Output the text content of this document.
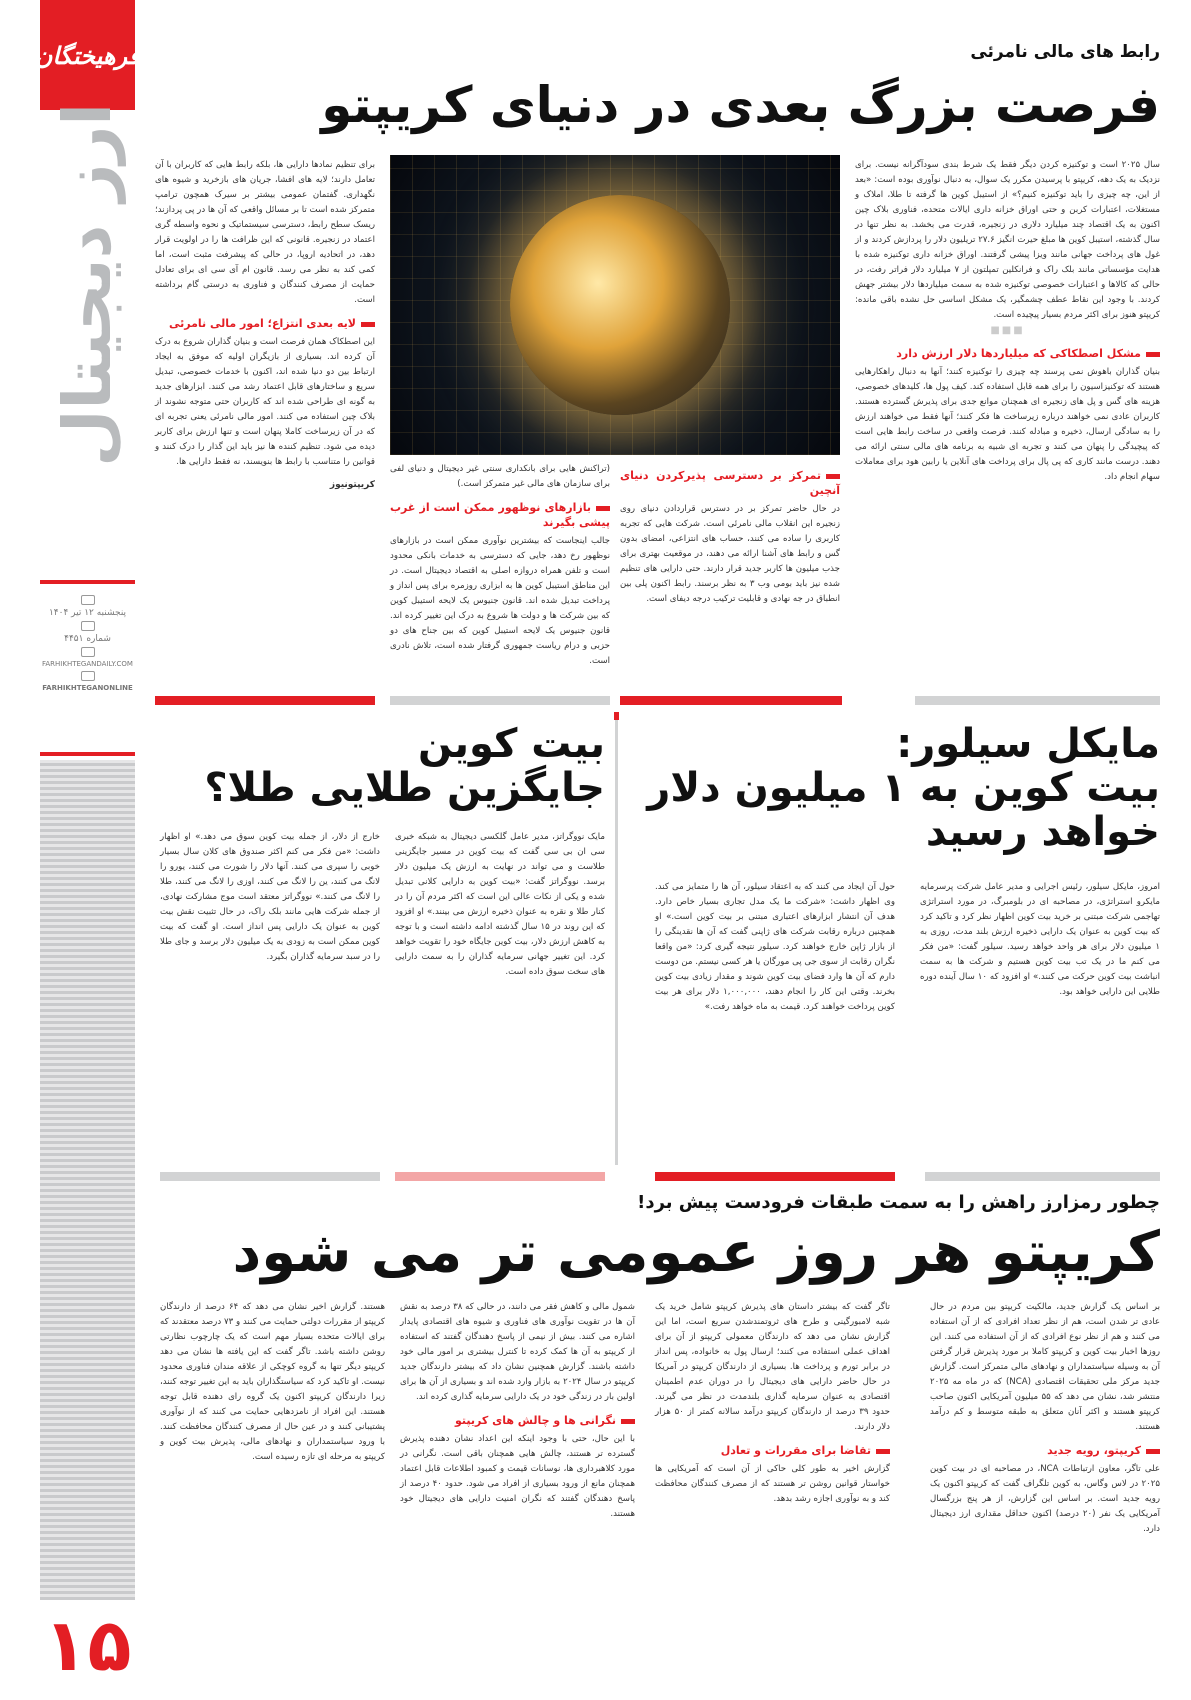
فرهیختگان
ارز دیجیتال
پنجشنبه ۱۲ تیر ۱۴۰۴
شماره ۴۴۵۱
FARHIKHTEGANDAILY.COM
FARHIKHTEGANONLINE
۱۵
رابط های مالی نامرئی
فرصت بزرگ بعدی در دنیای کریپتو

سال ۲۰۲۵ است و توکنیزه کردن دیگر فقط یک شرط بندی سودآگرانه نیست. برای نزدیک به یک دهه، کریپتو با پرسیدن مکرر یک سوال، به دنبال نوآوری بوده است: «بعد از این، چه چیزی را باید توکنیزه کنیم؟» از استیبل کوین ها گرفته تا طلا، املاک و مستغلات، اعتبارات کربن و حتی اوراق خزانه داری ایالات متحده، فناوری بلاک چین اکنون به یک اقتصاد چند میلیارد دلاری در زنجیره، قدرت می بخشد. به نظر تنها در سال گذشته، استیبل کوین ها مبلغ حیرت انگیز ۲۷.۶ تریلیون دلار را پردازش کردند و از غول های پرداخت جهانی مانند ویزا پیشی گرفتند. اوراق خزانه داری توکنیزه شده با هدایت مؤسساتی مانند بلک راک و فرانکلین تمپلتون از ۷ میلیارد دلار فراتر رفت، در حالی که کالاها و اعتبارات خصوصی توکنیزه شده به سمت میلیاردها دلار بیشتر جهش کردند. با وجود این نقاط عطف چشمگیر، یک مشکل اساسی حل نشده باقی مانده: کریپتو هنوز برای اکثر مردم بسیار پیچیده است.

■■■
مشکل اصطکاکی که میلیاردها دلار ارزش دارد

بنیان گذاران باهوش نمی پرسند چه چیزی را توکنیزه کنند؛ آنها به دنبال راهکارهایی هستند که توکنیزاسیون را برای همه قابل استفاده کند. کیف پول ها، کلیدهای خصوصی، هزینه های گس و پل های زنجیره ای همچنان موانع جدی برای پذیرش گسترده هستند. کاربران عادی نمی خواهند درباره زیرساخت ها فکر کنند؛ آنها فقط می خواهند ارزش را به سادگی ارسال، ذخیره و مبادله کنند. فرصت واقعی در ساخت رابط هایی است که پیچیدگی را پنهان می کنند و تجربه ای شبیه به برنامه های مالی سنتی ارائه می دهند. درست مانند کاری که پی پال برای پرداخت های آنلاین یا رابین هود برای معاملات سهام انجام داد.

تمرکز بر دسترسی پذیرکردن دنیای آنچین

در حال حاضر تمرکز بر در دسترس قراردادن دنیای روی زنجیره این انقلاب مالی نامرئی است. شرکت هایی که تجربه کاربری را ساده می کنند، حساب های انتزاعی، امضای بدون گس و رابط های آشنا ارائه می دهند، در موقعیت بهتری برای جذب میلیون ها کاربر جدید قرار دارند. حتی دارایی های تنظیم شده نیز باید بومی وب ۳ به نظر برسند. رابط اکنون پلی بین انطباق در جه نهادی و قابلیت ترکیب درجه دیفای است.

(تراکنش هایی برای بانکداری سنتی غیر دیجیتال و دنیای لفی برای سازمان های مالی غیر متمرکز است.)

بازارهای نوظهور ممکن است از غرب پیشی بگیرند

جالب اینجاست که بیشترین نوآوری ممکن است در بازارهای نوظهور رخ دهد، جایی که دسترسی به خدمات بانکی محدود است و تلفن همراه دروازه اصلی به اقتصاد دیجیتال است. در این مناطق استیبل کوین ها به ابزاری روزمره برای پس انداز و پرداخت تبدیل شده اند. قانون جنیوس یک لایحه استیبل کوین که بین شرکت ها و دولت ها شروع به درک این تغییر کرده اند. قانون جنیوس یک لایحه استیبل کوین که بین جناح های دو حزبی و درام ریاست جمهوری گرفتار شده است، تلاش نادری است.

برای تنظیم نمادها دارایی ها، بلکه رابط هایی که کاربران با آن تعامل دارند؛ لایه های افشا، جریان های بازخرید و شیوه های نگهداری. گفتمان عمومی بیشتر بر سیرک همچون ترامپ متمرکز شده است تا بر مسائل واقعی که آن ها در پی پردازند؛ ریسک سطح رابط، دسترسی سیستماتیک و نحوه واسطه گری اعتماد در زنجیره. قانونی که این ظرافت ها را در اولویت قرار دهد، در اتحادیه اروپا، در حالی که پیشرفت مثبت است، اما کمی کند به نظر می رسد. قانون ام آی سی ای برای تعادل حمایت از مصرف کنندگان و فناوری به درستی گام برداشته است.

لایه بعدی انتزاع؛ امور مالی نامرئی

این اصطکاک همان فرصت است و بنیان گذاران شروع به درک آن کرده اند. بسیاری از بازیگران اولیه که موفق به ایجاد ارتباط بین دو دنیا شده اند، اکنون با خدمات خصوصی، تبدیل سریع و ساختارهای قابل اعتماد رشد می کنند. ابزارهای جدید به گونه ای طراحی شده اند که کاربران حتی متوجه نشوند از بلاک چین استفاده می کنند. امور مالی نامرئی یعنی تجربه ای که در آن زیرساخت کاملا پنهان است و تنها ارزش برای کاربر دیده می شود. تنظیم کننده ها نیز باید این گذار را درک کنند و قوانین را متناسب با رابط ها بنویسند، نه فقط دارایی ها.

کریپتونیوز
مایکل سیلور:
بیت کوین به ۱ میلیون دلار خواهد رسید
امروز، مایکل سیلور، رئیس اجرایی و مدیر عامل شرکت پرسرمایه مایکرو استراتژی، در مصاحبه ای در بلومبرگ، در مورد استراتژی تهاجمی شرکت مبتنی بر خرید بیت کوین اظهار نظر کرد و تاکید کرد که بیت کوین به عنوان یک دارایی ذخیره ارزش بلند مدت، روزی به ۱ میلیون دلار برای هر واحد خواهد رسید. سیلور گفت: «من فکر می کنم ما در یک تب بیت کوین هستیم و شرکت ها به سمت انباشت بیت کوین حرکت می کنند.» او افزود که ۱۰ سال آینده دوره طلایی این دارایی خواهد بود.
حول آن ایجاد می کنند که به اعتقاد سیلور، آن ها را متمایز می کند. وی اظهار داشت: «شرکت ما یک مدل تجاری بسیار خاص دارد. هدف آن انتشار ابزارهای اعتباری مبتنی بر بیت کوین است.» او همچنین درباره رقابت شرکت های ژاپنی گفت که آن ها نقدینگی را از بازار ژاپن خارج خواهند کرد. سیلور نتیجه گیری کرد: «من واقعا نگران رقابت از سوی جی پی مورگان یا هر کسی نیستم. من دوست دارم که آن ها وارد فضای بیت کوین شوند و مقدار زیادی بیت کوین بخرند. وقتی این کار را انجام دهند، ۱,۰۰۰,۰۰۰ دلار برای هر بیت کوین پرداخت خواهند کرد. قیمت به ماه خواهد رفت.»
بیت کوین
جایگزین طلایی طلا؟
مایک نووگراتز، مدیر عامل گلکسی دیجیتال به شبکه خبری سی ان بی سی گفت که بیت کوین در مسیر جایگزینی طلاست و می تواند در نهایت به ارزش یک میلیون دلار برسد. نووگراتز گفت: «بیت کوین به دارایی کلانی تبدیل شده و یکی از نکات عالی این است که اکثر مردم آن را در کنار طلا و نقره به عنوان ذخیره ارزش می بینند.» او افزود که این روند در ۱۵ سال گذشته ادامه داشته است و با توجه به کاهش ارزش دلار، بیت کوین جایگاه خود را تقویت خواهد کرد. این تغییر جهانی سرمایه گذاران را به سمت دارایی های سخت سوق داده است.
خارج از دلار، از جمله بیت کوین سوق می دهد.» او اظهار داشت: «من فکر می کنم اکثر صندوق های کلان سال بسیار خوبی را سپری می کنند. آنها دلار را شورت می کنند، یورو را لانگ می کنند، ین را لانگ می کنند، اوزی را لانگ می کنند، طلا را لانگ می کنند.» نووگراتز معتقد است موج مشارکت نهادی، از جمله شرکت هایی مانند بلک راک، در حال تثبیت نقش بیت کوین به عنوان یک دارایی پس انداز است. او گفت که بیت کوین ممکن است به زودی به یک میلیون دلار برسد و جای طلا را در سبد سرمایه گذاران بگیرد.
چطور رمزارز راهش را به سمت طبقات فرودست پیش برد!
کریپتو هر روز عمومی تر می شود

بر اساس یک گزارش جدید، مالکیت کریپتو بین مردم در حال عادی تر شدن است، هم از نظر تعداد افرادی که از آن استفاده می کنند و هم از نظر نوع افرادی که از آن استفاده می کنند. این روزها اخبار بیت کوین و کریپتو کاملا بر مورد پذیرش قرار گرفتن آن به وسیله سیاستمداران و نهادهای مالی متمرکز است. گزارش جدید مرکز ملی تحقیقات اقتصادی (NCA) که در ماه مه ۲۰۲۵ منتشر شد، نشان می دهد که ۵۵ میلیون آمریکایی اکنون صاحب کریپتو هستند و اکثر آنان متعلق به طبقه متوسط و کم درآمد هستند.

کریپتو، رویه جدید

علی تاگر، معاون ارتباطات NCA، در مصاحبه ای در بیت کوین ۲۰۲۵ در لاس وگاس، به کوین تلگراف گفت که کریپتو اکنون یک رویه جدید است. بر اساس این گزارش، از هر پنج بزرگسال آمریکایی یک نفر (۲۰ درصد) اکنون حداقل مقداری ارز دیجیتال دارد.

تاگر گفت که بیشتر داستان های پذیرش کریپتو شامل خرید یک شبه لامبورگینی و طرح های ثروتمندشدن سریع است، اما این گزارش نشان می دهد که دارندگان معمولی کریپتو از آن برای اهداف عملی استفاده می کنند؛ ارسال پول به خانواده، پس انداز در برابر تورم و پرداخت ها. بسیاری از دارندگان کریپتو در آمریکا در حال حاضر دارایی های دیجیتال را در دوران عدم اطمینان اقتصادی به عنوان سرمایه گذاری بلندمدت در نظر می گیرند. حدود ۳۹ درصد از دارندگان کریپتو درآمد سالانه کمتر از ۵۰ هزار دلار دارند.

تقاضا برای مقررات و تعادل

گزارش اخیر به طور کلی حاکی از آن است که آمریکایی ها خواستار قوانین روشن تر هستند که از مصرف کنندگان محافظت کند و به نوآوری اجازه رشد بدهد.

شمول مالی و کاهش فقر می دانند، در حالی که ۳۸ درصد به نقش آن ها در تقویت نوآوری های فناوری و شیوه های اقتصادی پایدار اشاره می کنند. بیش از نیمی از پاسخ دهندگان گفتند که استفاده از کریپتو به آن ها کمک کرده تا کنترل بیشتری بر امور مالی خود داشته باشند. گزارش همچنین نشان داد که بیشتر دارندگان جدید کریپتو در سال ۲۰۲۴ به بازار وارد شده اند و بسیاری از آن ها برای اولین بار در زندگی خود در یک دارایی سرمایه گذاری کرده اند.

نگرانی ها و چالش های کریپتو

با این حال، حتی با وجود اینکه این اعداد نشان دهنده پذیرش گسترده تر هستند، چالش هایی همچنان باقی است. نگرانی در مورد کلاهبرداری ها، نوسانات قیمت و کمبود اطلاعات قابل اعتماد همچنان مانع از ورود بسیاری از افراد می شود. حدود ۴۰ درصد از پاسخ دهندگان گفتند که نگران امنیت دارایی های دیجیتال خود هستند.

هستند. گزارش اخیر نشان می دهد که ۶۴ درصد از دارندگان کریپتو از مقررات دولتی حمایت می کنند و ۷۳ درصد معتقدند که برای ایالات متحده بسیار مهم است که یک چارچوب نظارتی روشن داشته باشد. تاگر گفت که این یافته ها نشان می دهد کریپتو دیگر تنها به گروه کوچکی از علاقه مندان فناوری محدود نیست. او تاکید کرد که سیاستگذاران باید به این تغییر توجه کنند، زیرا دارندگان کریپتو اکنون یک گروه رای دهنده قابل توجه هستند. این افراد از نامزدهایی حمایت می کنند که از نوآوری پشتیبانی کنند و در عین حال از مصرف کنندگان محافظت کنند. با ورود سیاستمداران و نهادهای مالی، پذیرش بیت کوین و کریپتو به مرحله ای تازه رسیده است.
